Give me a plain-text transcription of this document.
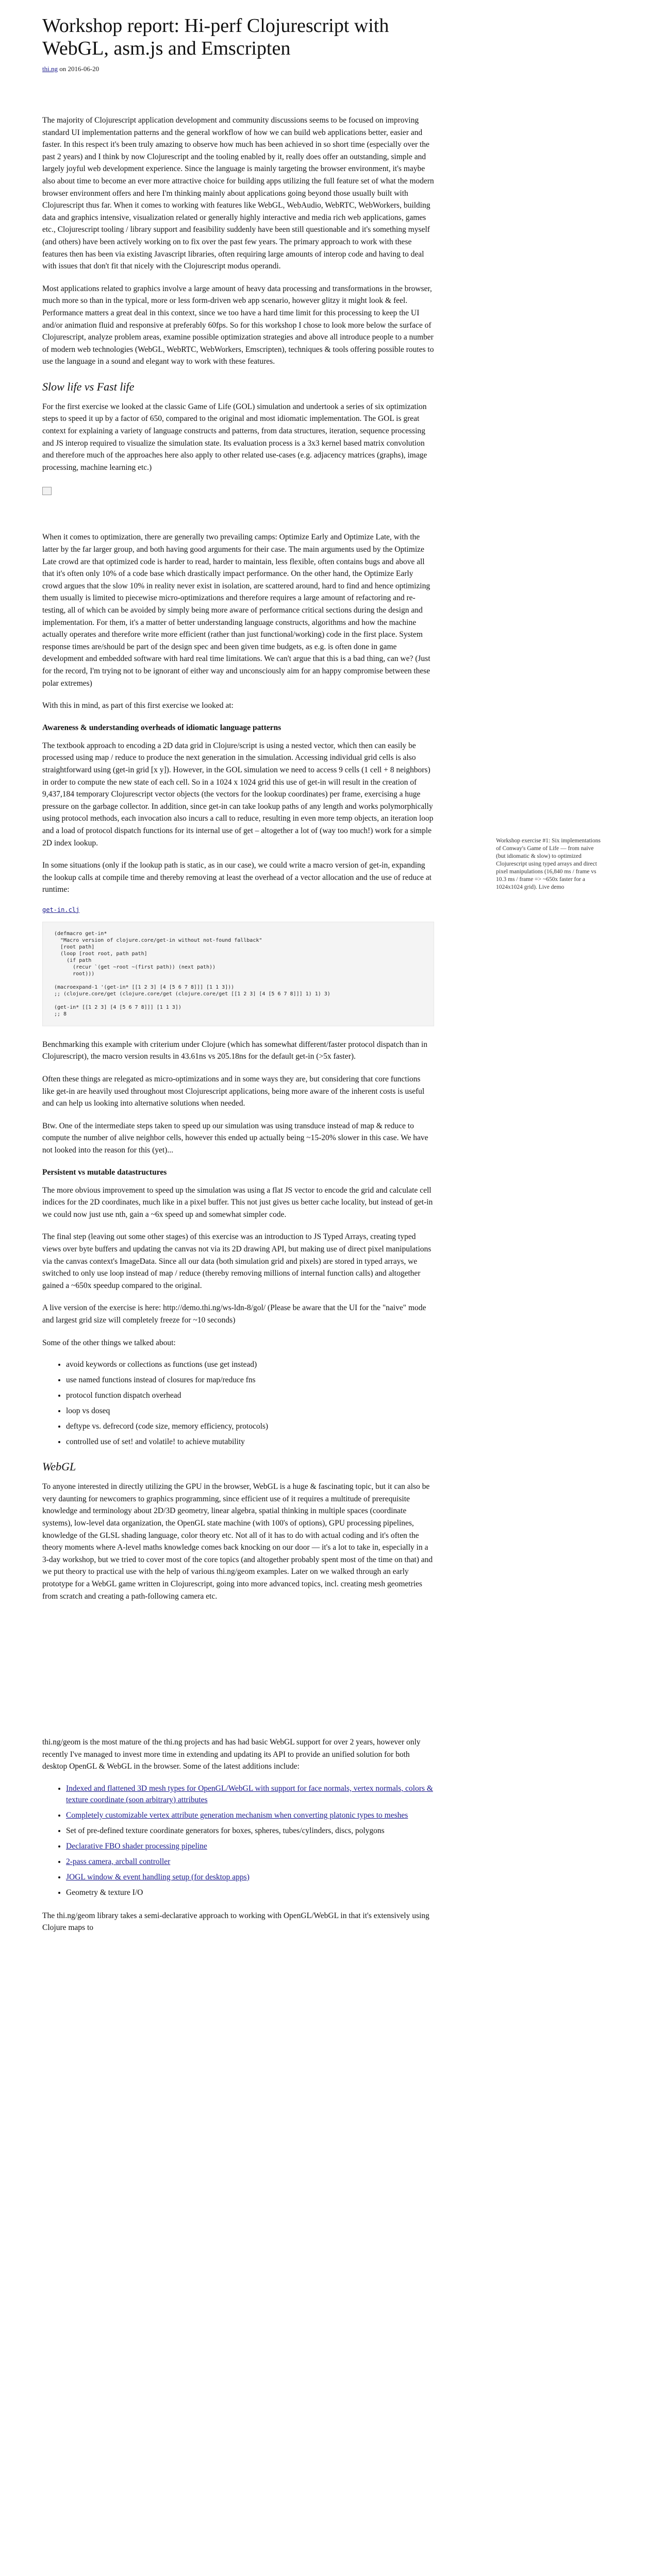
Workshop report: Hi-perf Clojurescript with WebGL, asm.js and Emscripten
thi.ng on 2016-06-20

The majority of Clojurescript application development and community discussions seems to be focused on improving standard UI implementation patterns and the general workflow of how we can build web applications better, easier and faster. In this respect it's been truly amazing to observe how much has been achieved in so short time (especially over the past 2 years) and I think by now Clojurescript and the tooling enabled by it, really does offer an outstanding, simple and largely joyful web development experience. Since the language is mainly targeting the browser environment, it's maybe also about time to become an ever more attractive choice for building apps utilizing the full feature set of what the modern browser environment offers and here I'm thinking mainly about applications going beyond those usually built with Clojurescript thus far. When it comes to working with features like WebGL, WebAudio, WebRTC, WebWorkers, building data and graphics intensive, visualization related or generally highly interactive and media rich web applications, games etc., Clojurescript tooling / library support and feasibility suddenly have been still questionable and it's something myself (and others) have been actively working on to fix over the past few years. The primary approach to work with these features then has been via existing Javascript libraries, often requiring large amounts of interop code and having to deal with issues that don't fit that nicely with the Clojurescript modus operandi.

Most applications related to graphics involve a large amount of heavy data processing and transformations in the browser, much more so than in the typical, more or less form-driven web app scenario, however glitzy it might look & feel. Performance matters a great deal in this context, since we too have a hard time limit for this processing to keep the UI and/or animation fluid and responsive at preferably 60fps. So for this workshop I chose to look more below the surface of Clojurescript, analyze problem areas, examine possible optimization strategies and above all introduce people to a number of modern web technologies (WebGL, WebRTC, WebWorkers, Emscripten), techniques & tools offering possible routes to use the language in a sound and elegant way to work with these features.

Slow life vs Fast life

For the first exercise we looked at the classic Game of Life (GOL) simulation and undertook a series of six optimization steps to speed it up by a factor of 650, compared to the original and most idiomatic implementation. The GOL is great context for explaining a variety of language constructs and patterns, from data structures, iteration, sequence processing and JS interop required to visualize the simulation state. Its evaluation process is a 3x3 kernel based matrix convolution and therefore much of the approaches here also apply to other related use-cases (e.g. adjacency matrices (graphs), image processing, machine learning etc.)

When it comes to optimization, there are generally two prevailing camps: Optimize Early and Optimize Late, with the latter by the far larger group, and both having good arguments for their case. The main arguments used by the Optimize Late crowd are that optimized code is harder to read, harder to maintain, less flexible, often contains bugs and above all that it's often only 10% of a code base which drastically impact performance. On the other hand, the Optimize Early crowd argues that the slow 10% in reality never exist in isolation, are scattered around, hard to find and hence optimizing them usually is limited to piecewise micro-optimizations and therefore requires a large amount of refactoring and re-testing, all of which can be avoided by simply being more aware of performance critical sections during the design and implementation. For them, it's a matter of better understanding language constructs, algorithms and how the machine actually operates and therefore write more efficient (rather than just functional/working) code in the first place. System response times are/should be part of the design spec and been given time budgets, as e.g. is often done in game development and embedded software with hard real time limitations. We can't argue that this is a bad thing, can we? (Just for the record, I'm trying not to be ignorant of either way and unconsciously aim for an happy compromise between these polar extremes)

With this in mind, as part of this first exercise we looked at:

Awareness & understanding overheads of idiomatic language patterns

The textbook approach to encoding a 2D data grid in Clojure/script is using a nested vector, which then can easily be processed using map / reduce to produce the next generation in the simulation. Accessing individual grid cells is also straightforward using (get-in grid [x y]). However, in the GOL simulation we need to access 9 cells (1 cell + 8 neighbors) in order to compute the new state of each cell. So in a 1024 x 1024 grid this use of get-in will result in the creation of 9,437,184 temporary Clojurescript vector objects (the vectors for the lookup coordinates) per frame, exercising a huge pressure on the garbage collector. In addition, since get-in can take lookup paths of any length and works polymorphically using protocol methods, each invocation also incurs a call to reduce, resulting in even more temp objects, an iteration loop and a load of protocol dispatch functions for its internal use of get – altogether a lot of (way too much!) work for a simple 2D index lookup.

In some situations (only if the lookup path is static, as in our case), we could write a macro version of get-in, expanding the lookup calls at compile time and thereby removing at least the overhead of a vector allocation and the use of reduce at runtime:

get-in.clj
(defmacro get-in*
"Macro version of clojure.core/get-in without not-found fallback"
[root path]
(loop [root root, path path]
(if path
(recur `(get ~root ~(first path)) (next path))
root)))

(macroexpand-1 '(get-in* [[1 2 3] [4 [5 6 7 8]]] [1 1 3]))
;; (clojure.core/get (clojure.core/get (clojure.core/get [[1 2 3] [4 [5 6 7 8]]] 1) 1) 3)

(get-in* [[1 2 3] [4 [5 6 7 8]]] [1 1 3])
;; 8

Benchmarking this example with criterium under Clojure (which has somewhat different/faster protocol dispatch than in Clojurescript), the macro version results in 43.61ns vs 205.18ns for the default get-in (>5x faster).

Often these things are relegated as micro-optimizations and in some ways they are, but considering that core functions like get-in are heavily used throughout most Clojurescript applications, being more aware of the inherent costs is useful and can help us looking into alternative solutions when needed.

Btw. One of the intermediate steps taken to speed up our simulation was using transduce instead of map & reduce to compute the number of alive neighbor cells, however this ended up actually being ~15-20% slower in this case. We have not looked into the reason for this (yet)...

Persistent vs mutable datastructures

The more obvious improvement to speed up the simulation was using a flat JS vector to encode the grid and calculate cell indices for the 2D coordinates, much like in a pixel buffer. This not just gives us better cache locality, but instead of get-in we could now just use nth, gain a ~6x speed up and somewhat simpler code.

The final step (leaving out some other stages) of this exercise was an introduction to JS Typed Arrays, creating typed views over byte buffers and updating the canvas not via its 2D drawing API, but making use of direct pixel manipulations via the canvas context's ImageData. Since all our data (both simulation grid and pixels) are stored in typed arrays, we switched to only use loop instead of map / reduce (thereby removing millions of internal function calls) and altogether gained a ~650x speedup compared to the original.

A live version of the exercise is here: http://demo.thi.ng/ws-ldn-8/gol/ (Please be aware that the UI for the "naive" mode and largest grid size will completely freeze for ~10 seconds)

Some of the other things we talked about:

• avoid keywords or collections as functions (use get instead)
• use named functions instead of closures for map/reduce fns
• protocol function dispatch overhead
• loop vs doseq
• deftype vs. defrecord (code size, memory efficiency, protocols)
• controlled use of set! and volatile! to achieve mutability
WebGL

To anyone interested in directly utilizing the GPU in the browser, WebGL is a huge & fascinating topic, but it can also be very daunting for newcomers to graphics programming, since efficient use of it requires a multitude of prerequisite knowledge and terminology about 2D/3D geometry, linear algebra, spatial thinking in multiple spaces (coordinate systems), low-level data organization, the OpenGL state machine (with 100's of options), GPU processing pipelines, knowledge of the GLSL shading language, color theory etc. Not all of it has to do with actual coding and it's often the theory moments where A-level maths knowledge comes back knocking on our door — it's a lot to take in, especially in a 3-day workshop, but we tried to cover most of the core topics (and altogether probably spent most of the time on that) and we put theory to practical use with the help of various thi.ng/geom examples. Later on we walked through an early prototype for a WebGL game written in Clojurescript, going into more advanced topics, incl. creating mesh geometries from scratch and creating a path-following camera etc.

thi.ng/geom is the most mature of the thi.ng projects and has had basic WebGL support for over 2 years, however only recently I've managed to invest more time in extending and updating its API to provide an unified solution for both desktop OpenGL & WebGL in the browser. Some of the latest additions include:

• Indexed and flattened 3D mesh types for OpenGL/WebGL with support for face normals, vertex normals, colors & texture coordinate (soon arbitrary) attributes
• Completely customizable vertex attribute generation mechanism when converting platonic types to meshes
• Set of pre-defined texture coordinate generators for boxes, spheres, tubes/cylinders, discs, polygons
• Declarative FBO shader processing pipeline
• 2-pass camera, arcball controller
• JOGL window & event handling setup (for desktop apps)
• Geometry & texture I/O

The thi.ng/geom library takes a semi-declarative approach to working with OpenGL/WebGL in that it's extensively using Clojure maps to

Workshop exercise #1: Six implementations of Conway's Game of Life — from naive (but idiomatic & slow) to optimized Clojurescript using typed arrays and direct pixel manipulations (16,840 ms / frame vs 10.3 ms / frame => ~650x faster for a 1024x1024 grid). Live demo
